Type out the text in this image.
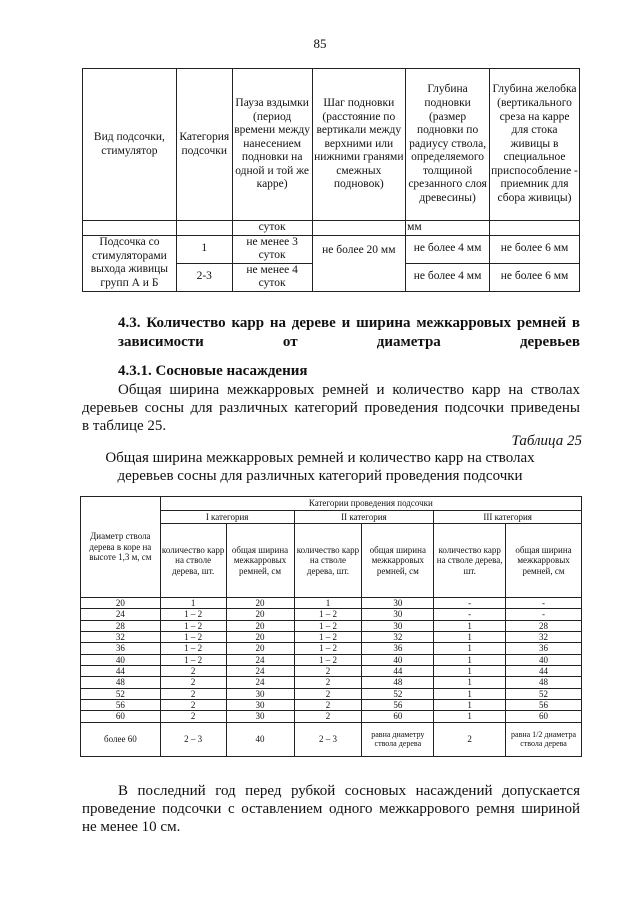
85
Вид подсочки, стимулятор	Категория подсочки	Пауза вздымки (период времени между нанесением подновки на одной и той же карре)	Шаг подновки (расстояние по вертикали между верхними или нижними гранями смежных подновок)	Глубина подновки (размер подновки по радиусу ствола, определяемого толщиной срезанного слоя древесины)	Глубина желобка (вертикального среза на карре для стока живицы в специальное приспособление - приемник для сбора живицы)
		суток		мм	
Подсочка со стимуляторами выхода живицы групп А и Б	1	не менее 3 суток	не более 20 мм	не более 4 мм	не более 6 мм
	2-3	не менее 4 суток		не более 4 мм	не более 6 мм
4.3. Количество карр на дереве и ширина межкарровых ремней в зависимости от диаметра деревьев
4.3.1. Сосновые насаждения
Общая ширина межкарровых ремней и количество карр на стволах
деревьев сосны для различных категорий проведения подсочки приведены
в таблице 25.
Таблица 25
Общая ширина межкарровых ремней и количество карр на стволах
деревьев сосны для различных категорий проведения подсочки
Диаметр ствола дерева в коре на высоте 1,3 м, см	Категории проведения подсочки					
	I категория		II категория		III категория	
	количество карр на стволе дерева, шт.	общая ширина межкарровых ремней, см	количество карр на стволе дерева, шт.	общая ширина межкарровых ремней, см	количество карр на стволе дерева, шт.	общая ширина межкарровых ремней, см
20	1	20	1	30	-	-
24	1 – 2	20	1 – 2	30	-	-
28	1 – 2	20	1 – 2	30	1	28
32	1 – 2	20	1 – 2	32	1	32
36	1 – 2	20	1 – 2	36	1	36
40	1 – 2	24	1 – 2	40	1	40
44	2	24	2	44	1	44
48	2	24	2	48	1	48
52	2	30	2	52	1	52
56	2	30	2	56	1	56
60	2	30	2	60	1	60
более 60	2 – 3	40	2 – 3	равна диаметру ствола дерева	2	равна 1/2 диаметра ствола дерева
В последний год перед рубкой сосновых насаждений допускается
проведение подсочки с оставлением одного межкаррового ремня шириной
не менее 10 см.
